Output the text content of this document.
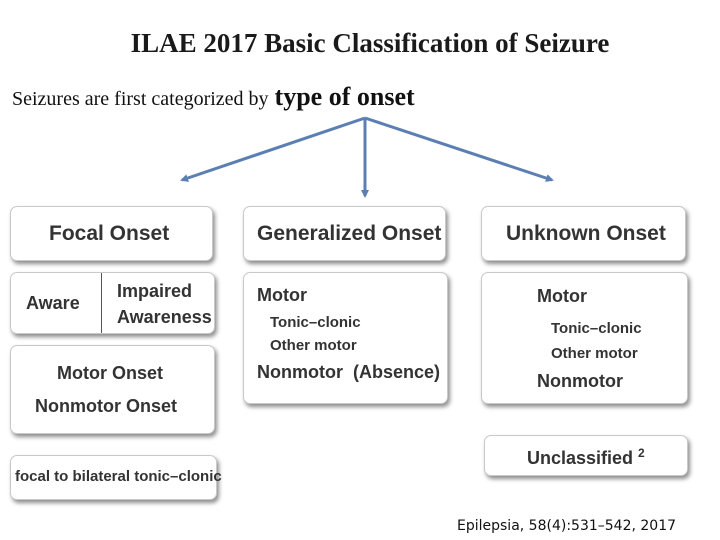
ILAE 2017 Basic Classification of Seizure
Seizures are first categorized by type of onset
Focal Onset
Aware
Impaired
Awareness
Motor Onset
Nonmotor Onset
focal to bilateral tonic–clonic
Generalized Onset
Motor
Tonic–clonic
Other motor
Nonmotor  (Absence)
Unknown Onset
Motor
Tonic–clonic
Other motor
Nonmotor
Unclassified $^2$
Epilepsia, 58(4):531–542, 2017
